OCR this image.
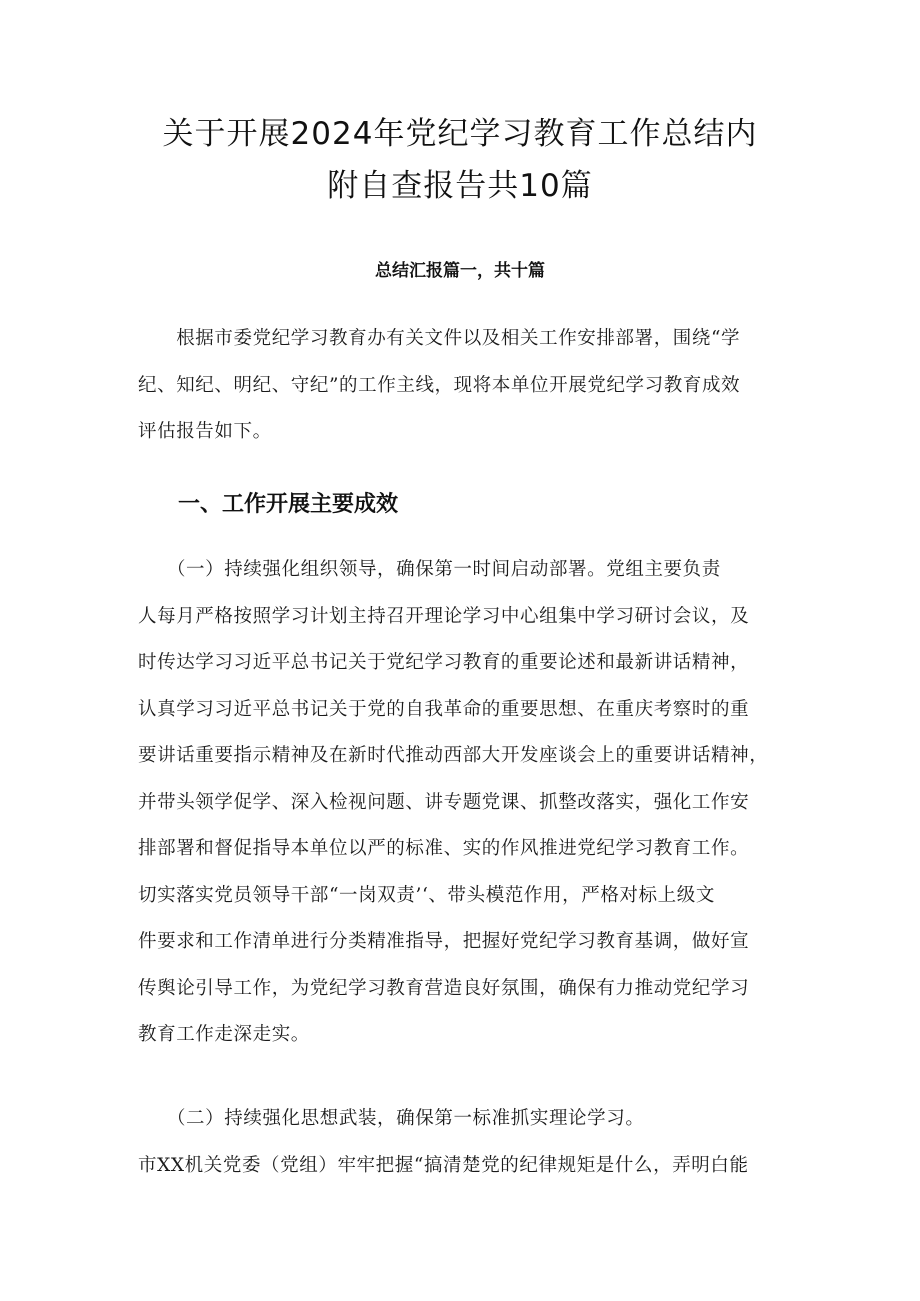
关于开展2024年党纪学习教育工作总结内
附自查报告共10篇
总结汇报篇一，共十篇
　　根据市委党纪学习教育办有关文件以及相关工作安排部署，围绕“学
纪、知纪、明纪、守纪”的工作主线，现将本单位开展党纪学习教育成效
评估报告如下。
一、工作开展主要成效
　　（一）持续强化组织领导，确保第一时间启动部署。党组主要负责
人每月严格按照学习计划主持召开理论学习中心组集中学习研讨会议，及
时传达学习习近平总书记关于党纪学习教育的重要论述和最新讲话精神，
认真学习习近平总书记关于党的自我革命的重要思想、在重庆考察时的重
要讲话重要指示精神及在新时代推动西部大开发座谈会上的重要讲话精神，
并带头领学促学、深入检视问题、讲专题党课、抓整改落实，强化工作安
排部署和督促指导本单位以严的标准、实的作风推进党纪学习教育工作。
切实落实党员领导干部“一岗双责’‘、带头模范作用，严格对标上级文
件要求和工作清单进行分类精准指导，把握好党纪学习教育基调，做好宣
传舆论引导工作，为党纪学习教育营造良好氛围，确保有力推动党纪学习
教育工作走深走实。
　　（二）持续强化思想武装，确保第一标准抓实理论学习。
市XX机关党委（党组）牢牢把握“搞清楚党的纪律规矩是什么，弄明白能
